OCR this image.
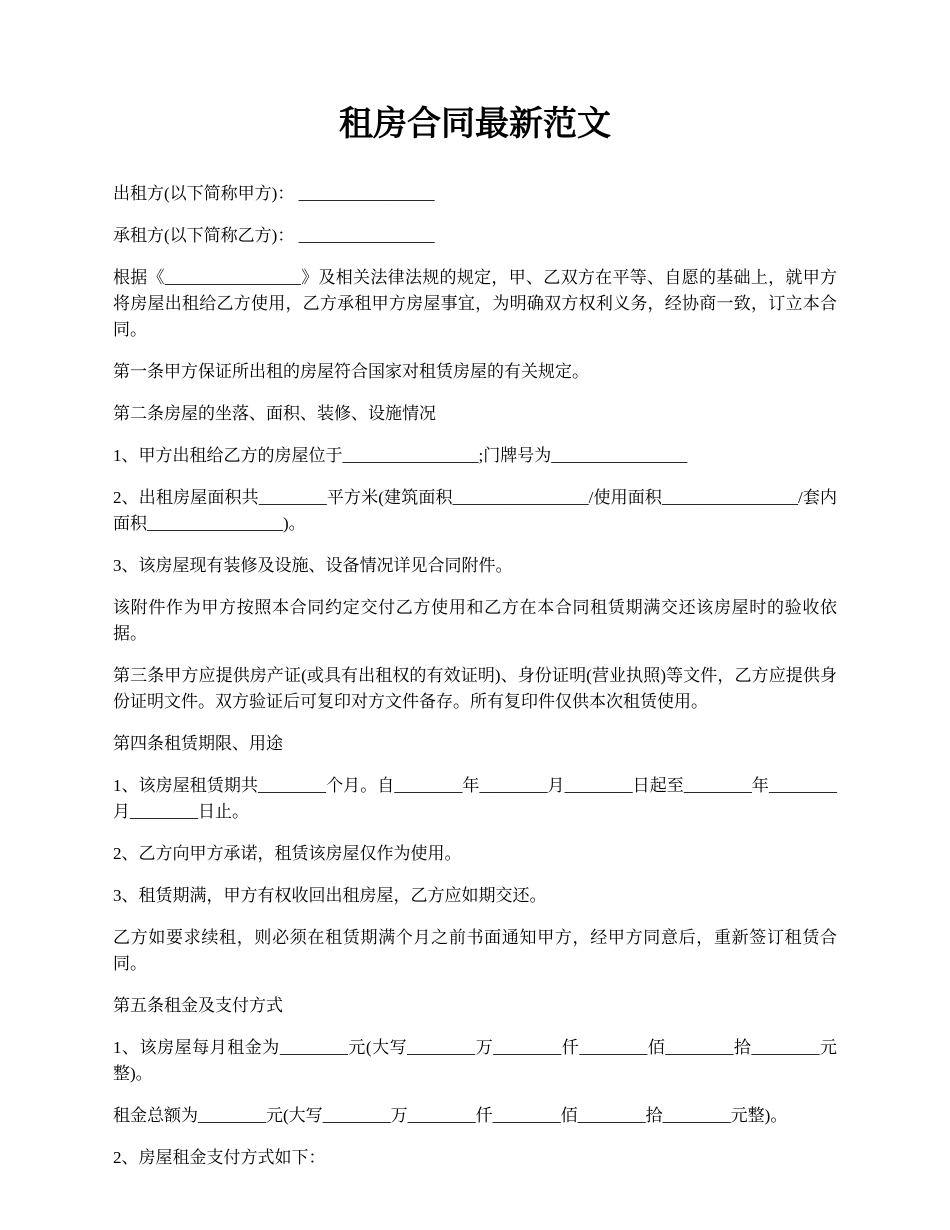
租房合同最新范文

出租方(以下简称甲方)： ________________

承租方(以下简称乙方)： ________________

根据《________________》及相关法律法规的规定，甲、乙双方在平等、自愿的基础上，就甲方将房屋出租给乙方使用，乙方承租甲方房屋事宜，为明确双方权利义务，经协商一致，订立本合同。

第一条甲方保证所出租的房屋符合国家对租赁房屋的有关规定。

第二条房屋的坐落、面积、装修、设施情况

1、甲方出租给乙方的房屋位于________________;门牌号为________________

2、出租房屋面积共________平方米(建筑面积________________/使用面积________________/套内面积________________)。

3、该房屋现有装修及设施、设备情况详见合同附件。

该附件作为甲方按照本合同约定交付乙方使用和乙方在本合同租赁期满交还该房屋时的验收依据。

第三条甲方应提供房产证(或具有出租权的有效证明)、身份证明(营业执照)等文件，乙方应提供身份证明文件。双方验证后可复印对方文件备存。所有复印件仅供本次租赁使用。

第四条租赁期限、用途

1、该房屋租赁期共________个月。自________年________月________日起至________年________月________日止。

2、乙方向甲方承诺，租赁该房屋仅作为使用。

3、租赁期满，甲方有权收回出租房屋，乙方应如期交还。

乙方如要求续租，则必须在租赁期满个月之前书面通知甲方，经甲方同意后，重新签订租赁合同。

第五条租金及支付方式

1、该房屋每月租金为________元(大写________万________仟________佰________拾________元整)。

租金总额为________元(大写________万________仟________佰________拾________元整)。

2、房屋租金支付方式如下：
